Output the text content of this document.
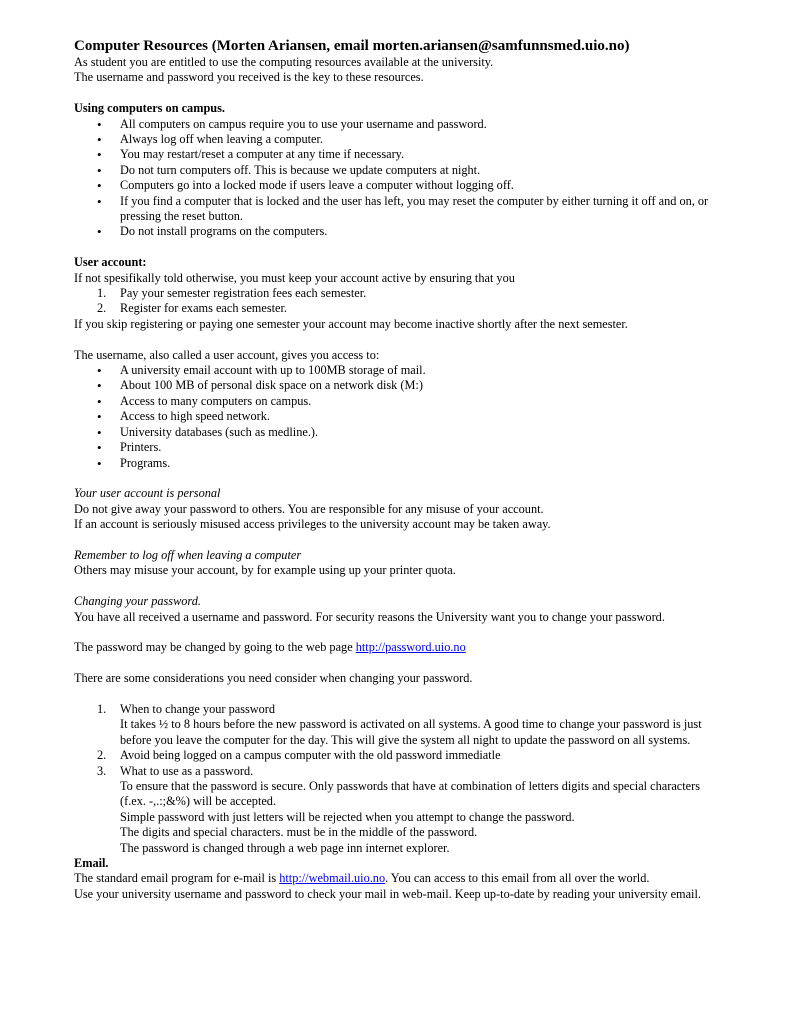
Computer Resources (Morten Ariansen, email morten.ariansen@samfunnsmed.uio.no)

As student you are entitled to use the computing resources available at the university.

The username and password you received is the key to these resources.

Using computers on campus.

•
All computers on campus require you to use your username and password.
•
Always log off when leaving a computer.
•
You may restart/reset a computer at any time if necessary.
•
Do not turn computers off. This is because we update computers at night.
•
Computers go into a locked mode if users leave a computer without logging off.
•
If you find a computer that is locked and the user has left, you may reset the computer by either turning it off and on, or pressing the reset button.
•
Do not install programs on the computers.

User account:

If not spesifikally told otherwise, you must keep your account active by ensuring that you

1. Pay your semester registration fees each semester.
2. Register for exams each semester.

If you skip registering or paying one semester your account may become inactive shortly after the next semester.

The username, also called a user account, gives you access to:

•
A university email account with up to 100MB storage of mail.
•
About 100 MB of personal disk space on a network disk (M:)
•
Access to many computers on campus.
•
Access to high speed network.
•
University databases (such as medline.).
•
Printers.
•
Programs.

Your user account is personal

Do not give away your password to others. You are responsible for any misuse of your account.

If an account is seriously misused access privileges to the university account may be taken away.

Remember to log off when leaving a computer

Others may misuse your account, by for example using up your printer quota.

Changing your password.

You have all received a username and password. For security reasons the University want you to change your password.

The password may be changed by going to the web page http://password.uio.no

There are some considerations you need consider when changing your password.

1. When to change your password
It takes ½ to 8 hours before the new password is activated on all systems. A good time to change your password is just before you leave the computer for the day. This will give the system all night to update the password on all systems.
2. Avoid being logged on a campus computer with the old password immediatle
3. What to use as a password.
To ensure that the password is secure. Only passwords that have at combination of letters digits and special characters (f.ex. -,.:;&%) will be accepted.
Simple password with just letters will be rejected when you attempt to change the password.
The digits and special characters. must be in the middle of the password.
The password is changed through a web page inn internet explorer.

Email.

The standard email program for e-mail is http://webmail.uio.no. You can access to this email from all over the world.

Use your university username and password to check your mail in web-mail. Keep up-to-date by reading your university email.
